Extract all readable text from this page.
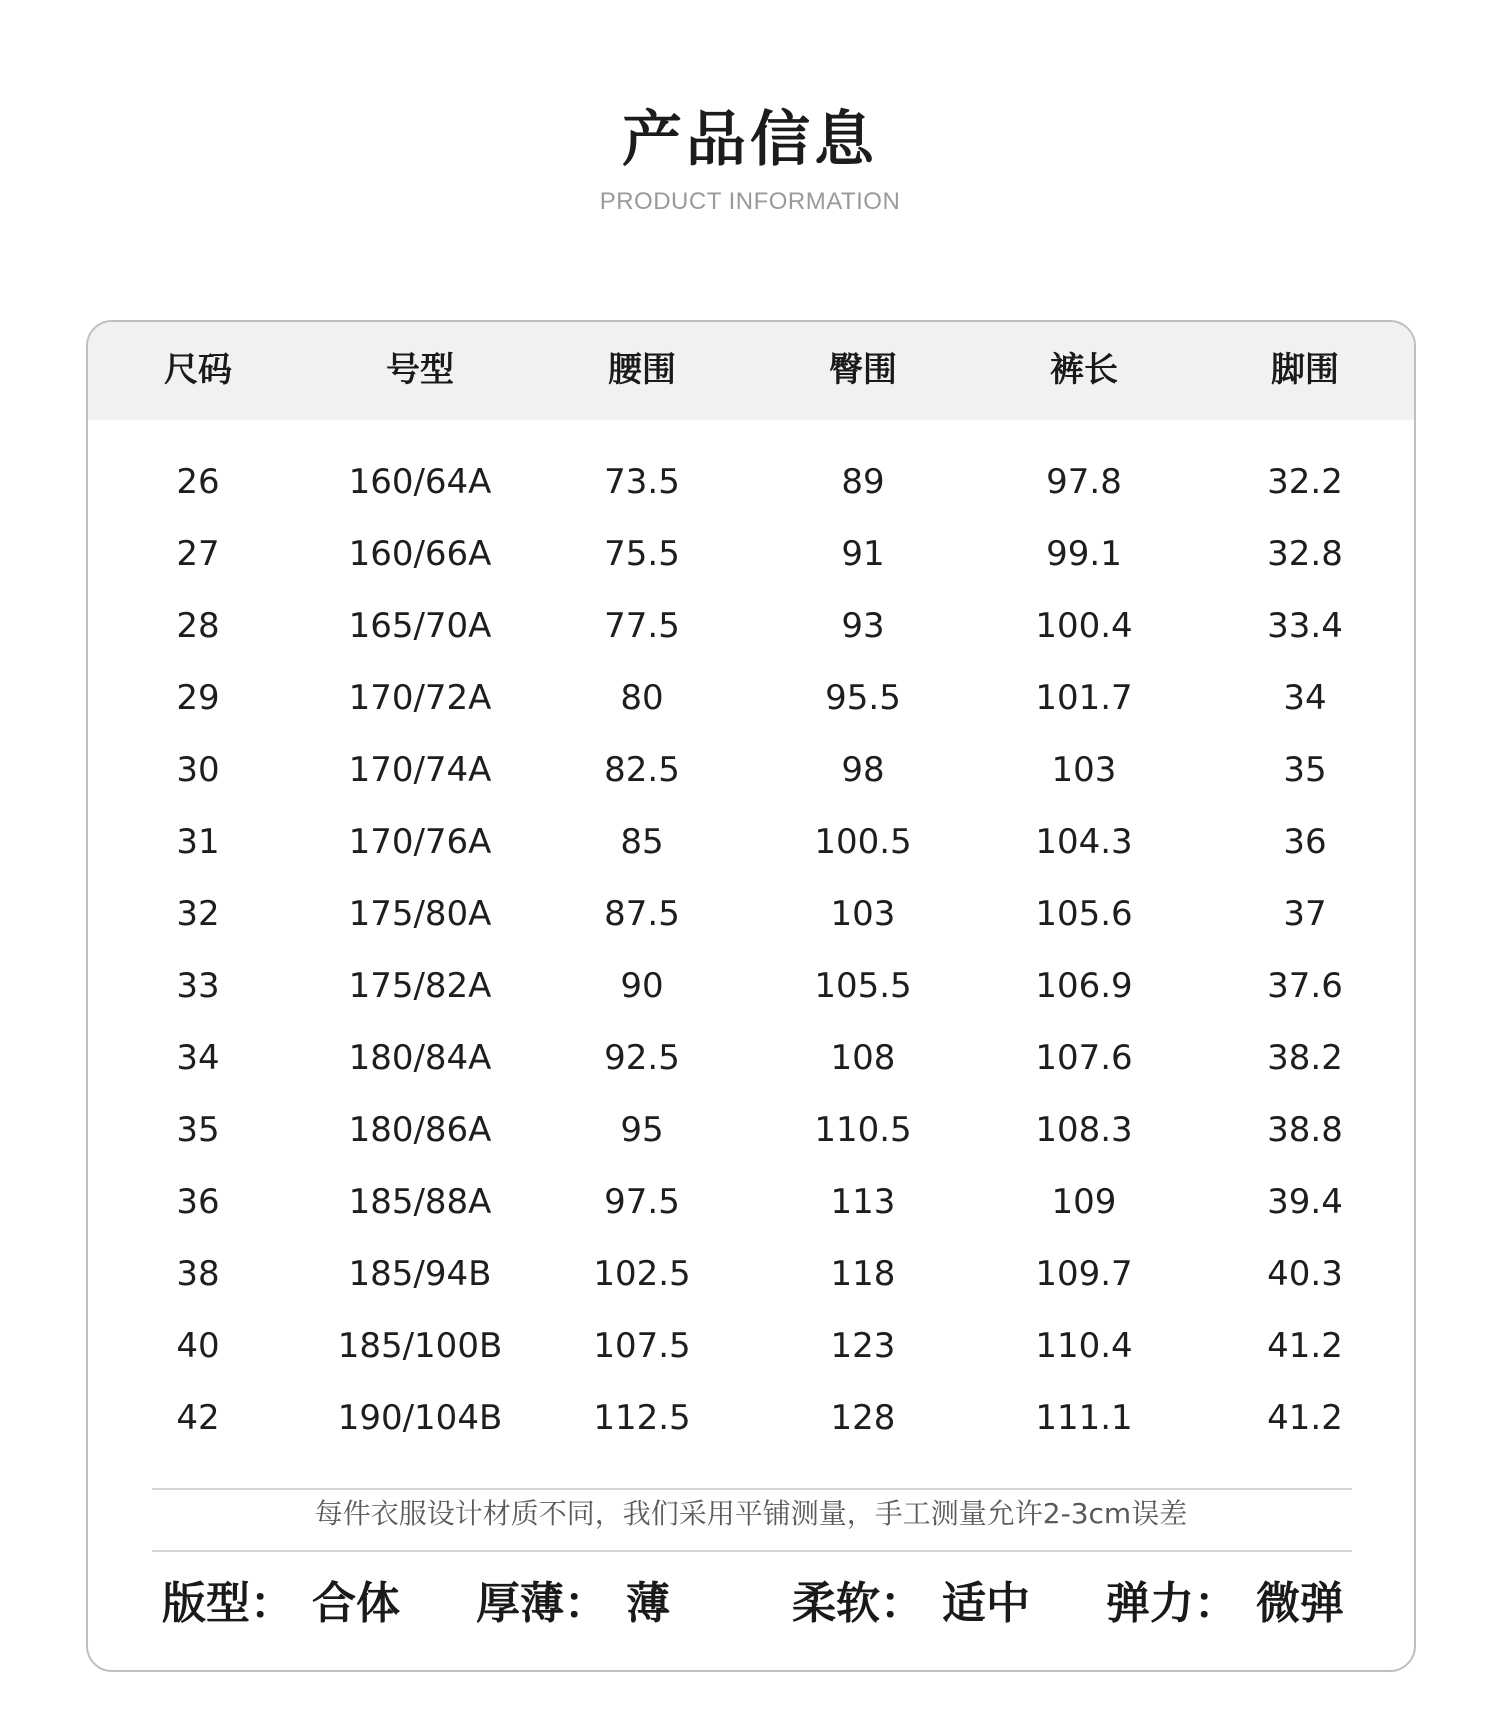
产品信息
PRODUCT INFORMATION
尺码	号型	腰围	臀围	裤长	脚围
26	160/64A	73.5	89	97.8	32.2
27	160/66A	75.5	91	99.1	32.8
28	165/70A	77.5	93	100.4	33.4
29	170/72A	80	95.5	101.7	34
30	170/74A	82.5	98	103	35
31	170/76A	85	100.5	104.3	36
32	175/80A	87.5	103	105.6	37
33	175/82A	90	105.5	106.9	37.6
34	180/84A	92.5	108	107.6	38.2
35	180/86A	95	110.5	108.3	38.8
36	185/88A	97.5	113	109	39.4
38	185/94B	102.5	118	109.7	40.3
40	185/100B	107.5	123	110.4	41.2
42	190/104B	112.5	128	111.1	41.2
每件衣服设计材质不同，我们采用平铺测量，手工测量允许2-3cm误差
版型： 合体 厚薄： 薄	柔软： 适中 弹力： 微弹
